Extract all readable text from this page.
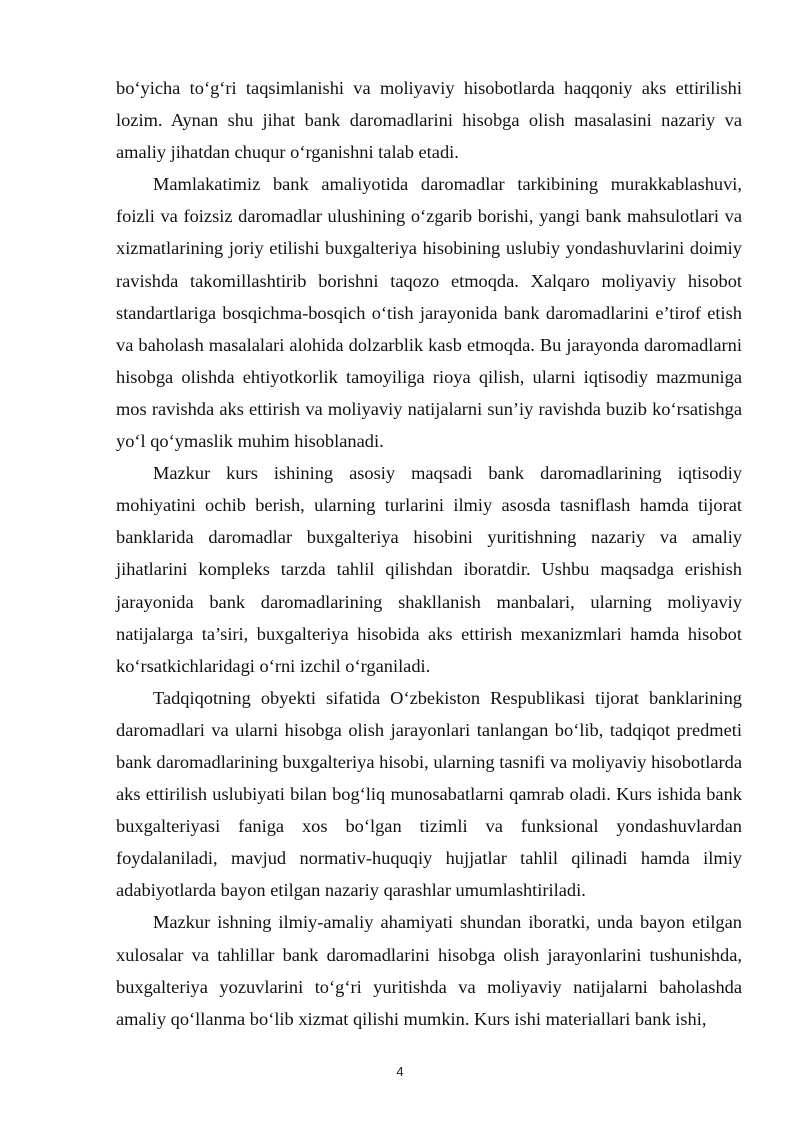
bo‘yicha to‘g‘ri taqsimlanishi va moliyaviy hisobotlarda haqqoniy aks ettirilishi lozim. Aynan shu jihat bank daromadlarini hisobga olish masalasini nazariy va amaliy jihatdan chuqur o‘rganishni talab etadi.

Mamlakatimiz bank amaliyotida daromadlar tarkibining murakkablashuvi, foizli va foizsiz daromadlar ulushining o‘zgarib borishi, yangi bank mahsulotlari va xizmatlarining joriy etilishi buxgalteriya hisobining uslubiy yondashuvlarini doimiy ravishda takomillashtirib borishni taqozo etmoqda. Xalqaro moliyaviy hisobot standartlariga bosqichma-bosqich o‘tish jarayonida bank daromadlarini e’tirof etish va baholash masalalari alohida dolzarblik kasb etmoqda. Bu jarayonda daromadlarni hisobga olishda ehtiyotkorlik tamoyiliga rioya qilish, ularni iqtisodiy mazmuniga mos ravishda aks ettirish va moliyaviy natijalarni sun’iy ravishda buzib ko‘rsatishga yo‘l qo‘ymaslik muhim hisoblanadi.

Mazkur kurs ishining asosiy maqsadi bank daromadlarining iqtisodiy mohiyatini ochib berish, ularning turlarini ilmiy asosda tasniflash hamda tijorat banklarida daromadlar buxgalteriya hisobini yuritishning nazariy va amaliy jihatlarini kompleks tarzda tahlil qilishdan iboratdir. Ushbu maqsadga erishish jarayonida bank daromadlarining shakllanish manbalari, ularning moliyaviy natijalarga ta’siri, buxgalteriya hisobida aks ettirish mexanizmlari hamda hisobot ko‘rsatkichlaridagi o‘rni izchil o‘rganiladi.

Tadqiqotning obyekti sifatida O‘zbekiston Respublikasi tijorat banklarining daromadlari va ularni hisobga olish jarayonlari tanlangan bo‘lib, tadqiqot predmeti bank daromadlarining buxgalteriya hisobi, ularning tasnifi va moliyaviy hisobotlarda aks ettirilish uslubiyati bilan bog‘liq munosabatlarni qamrab oladi. Kurs ishida bank buxgalteriyasi faniga xos bo‘lgan tizimli va funksional yondashuvlardan foydalaniladi, mavjud normativ-huquqiy hujjatlar tahlil qilinadi hamda ilmiy adabiyotlarda bayon etilgan nazariy qarashlar umumlashtiriladi.

Mazkur ishning ilmiy-amaliy ahamiyati shundan iboratki, unda bayon etilgan xulosalar va tahlillar bank daromadlarini hisobga olish jarayonlarini tushunishda, buxgalteriya yozuvlarini to‘g‘ri yuritishda va moliyaviy natijalarni baholashda amaliy qo‘llanma bo‘lib xizmat qilishi mumkin. Kurs ishi materiallari bank ishi,

4
